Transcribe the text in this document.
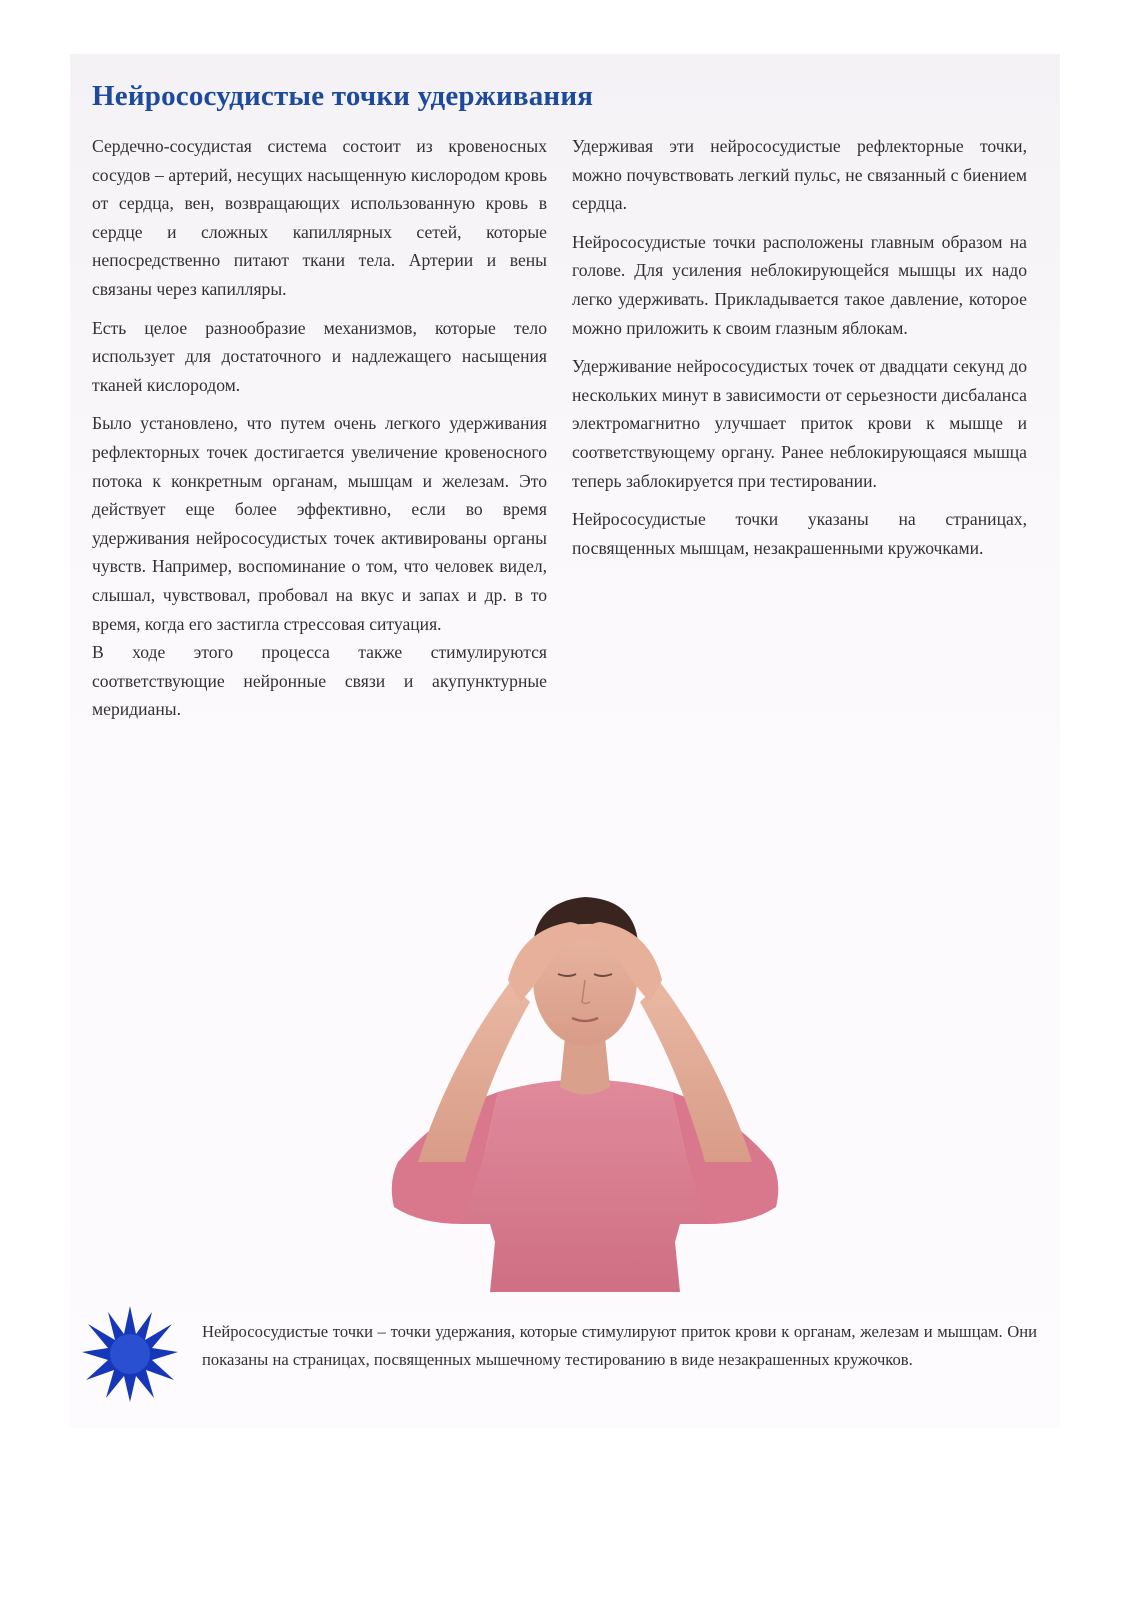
Нейрососудистые точки удерживания

Сердечно-сосудистая система состоит из кровеносных сосудов – артерий, несущих насыщенную кислородом кровь от сердца, вен, возвращающих использованную кровь в сердце и сложных капиллярных сетей, которые непосредственно питают ткани тела. Артерии и вены связаны через капилляры.

Есть целое разнообразие механизмов, которые тело использует для достаточного и надлежащего насыщения тканей кислородом.

Было установлено, что путем очень легкого удерживания рефлекторных точек достигается увеличение кровеносного потока к конкретным органам, мышцам и железам. Это действует еще более эффективно, если во время удерживания нейрососудистых точек активированы органы чувств. Например, воспоминание о том, что человек видел, слышал, чувствовал, пробовал на вкус и запах и др. в то время, когда его застигла стрессовая ситуация.

В ходе этого процесса также стимулируются соответствующие нейронные связи и акупунктурные меридианы.

Удерживая эти нейрососудистые рефлекторные точки, можно почувствовать легкий пульс, не связанный с биением сердца.

Нейрососудистые точки расположены главным образом на голове. Для усиления неблокирующейся мышцы их надо легко удерживать. Прикладывается такое давление, которое можно приложить к своим глазным яблокам.

Удерживание нейрососудистых точек от двадцати секунд до нескольких минут в зависимости от серьезности дисбаланса электромагнитно улучшает приток крови к мышце и соответствующему органу. Ранее неблокирующаяся мышца теперь заблокируется при тестировании.

Нейрососудистые точки указаны на страницах, посвященных мышцам, незакрашенными кружочками.

Нейрососудистые точки – точки удержания, которые стимулируют приток крови к органам, железам и мышцам. Они показаны на страницах, посвященных мышечному тестированию в виде незакрашенных кружочков.
